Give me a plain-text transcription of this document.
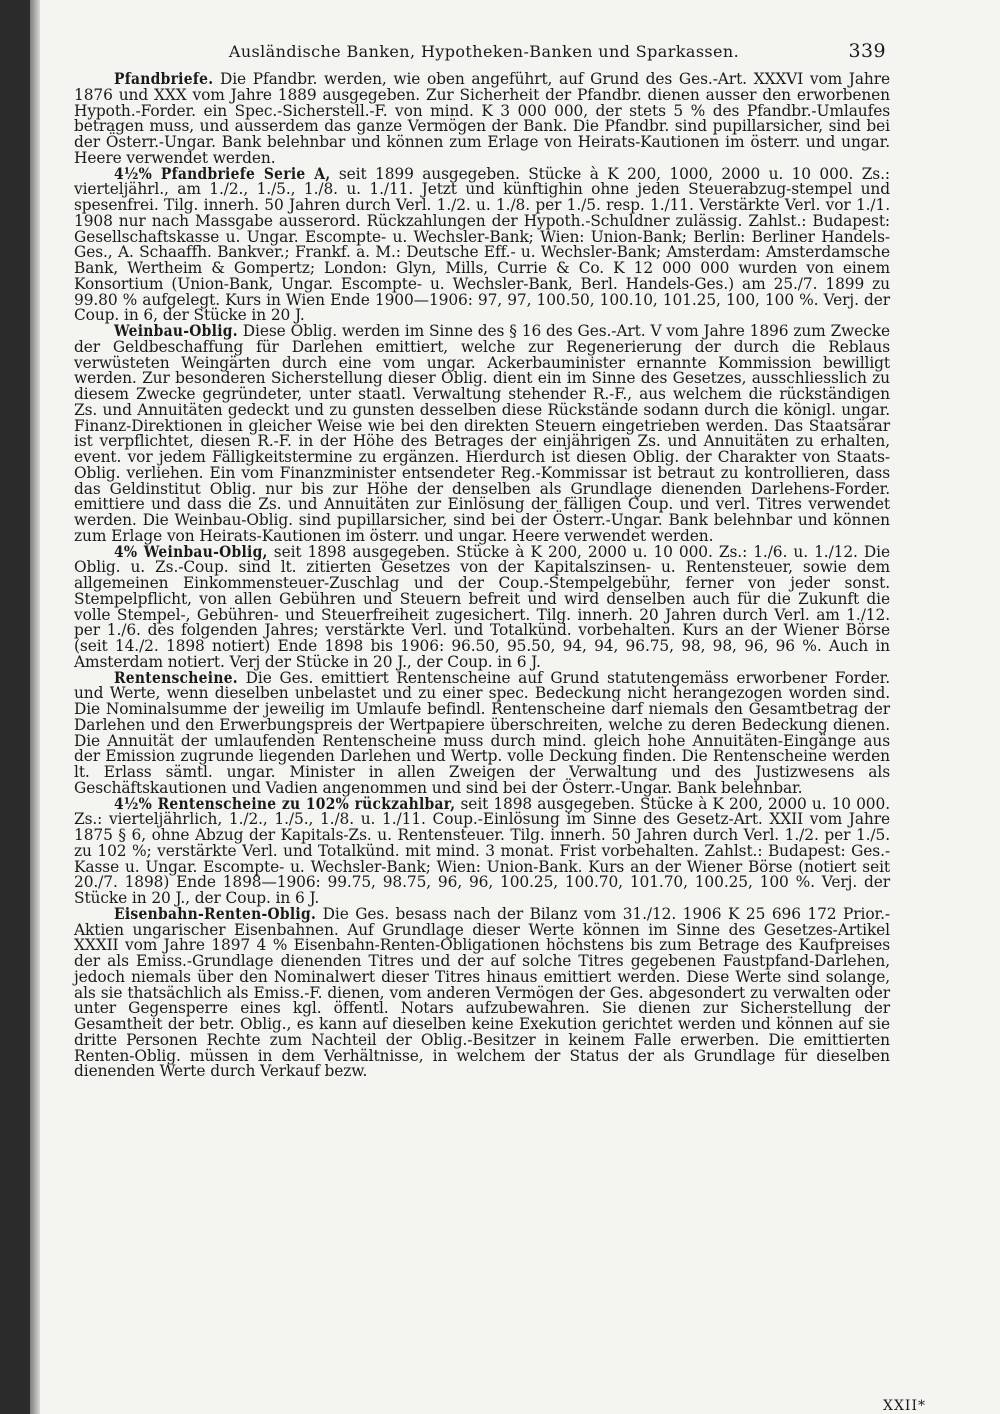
Ausländische Banken, Hypotheken-Banken und Sparkassen.	339

Pfandbriefe. Die Pfandbr. werden, wie oben angeführt, auf Grund des Ges.-Art. XXXVI vom Jahre 1876 und XXX vom Jahre 1889 ausgegeben. Zur Sicherheit der Pfandbr. dienen ausser den erworbenen Hypoth.-Forder. ein Spec.-Sicherstell.-F. von mind. K 3 000 000, der stets 5 % des Pfandbr.-Umlaufes betragen muss, und ausserdem das ganze Vermögen der Bank. Die Pfandbr. sind pupillarsicher, sind bei der Österr.-Ungar. Bank belehnbar und können zum Erlage von Heirats-Kautionen im österr. und ungar. Heere verwendet werden.

4½% Pfandbriefe Serie A, seit 1899 ausgegeben. Stücke à K 200, 1000, 2000 u. 10 000. Zs.: vierteljährl., am 1./2., 1./5., 1./8. u. 1./11. Jetzt und künftighin ohne jeden Steuerabzug-stempel und spesenfrei. Tilg. innerh. 50 Jahren durch Verl. 1./2. u. 1./8. per 1./5. resp. 1./11. Verstärkte Verl. vor 1./1. 1908 nur nach Massgabe ausserord. Rückzahlungen der Hypoth.-Schuldner zulässig. Zahlst.: Budapest: Gesellschaftskasse u. Ungar. Escompte- u. Wechsler-Bank; Wien: Union-Bank; Berlin: Berliner Handels-Ges., A. Schaaffh. Bankver.; Frankf. a. M.: Deutsche Eff.- u. Wechsler-Bank; Amsterdam: Amsterdamsche Bank, Wertheim & Gompertz; London: Glyn, Mills, Currie & Co. K 12 000 000 wurden von einem Konsortium (Union-Bank, Ungar. Escompte- u. Wechsler-Bank, Berl. Handels-Ges.) am 25./7. 1899 zu 99.80 % aufgelegt. Kurs in Wien Ende 1900—1906: 97, 97, 100.50, 100.10, 101.25, 100, 100 %. Verj. der Coup. in 6, der Stücke in 20 J.

Weinbau-Oblig. Diese Oblig. werden im Sinne des § 16 des Ges.-Art. V vom Jahre 1896 zum Zwecke der Geldbeschaffung für Darlehen emittiert, welche zur Regenerierung der durch die Reblaus verwüsteten Weingärten durch eine vom ungar. Ackerbauminister ernannte Kommission bewilligt werden. Zur besonderen Sicherstellung dieser Oblig. dient ein im Sinne des Gesetzes, ausschliesslich zu diesem Zwecke gegründeter, unter staatl. Verwaltung stehender R.-F., aus welchem die rückständigen Zs. und Annuitäten gedeckt und zu gunsten desselben diese Rückstände sodann durch die königl. ungar. Finanz-Direktionen in gleicher Weise wie bei den direkten Steuern eingetrieben werden. Das Staatsärar ist verpflichtet, diesen R.-F. in der Höhe des Betrages der einjährigen Zs. und Annuitäten zu erhalten, event. vor jedem Fälligkeitstermine zu ergänzen. Hierdurch ist diesen Oblig. der Charakter von Staats-Oblig. verliehen. Ein vom Finanzminister entsendeter Reg.-Kommissar ist betraut zu kontrollieren, dass das Geldinstitut Oblig. nur bis zur Höhe der denselben als Grundlage dienenden Darlehens-Forder. emittiere und dass die Zs. und Annuitäten zur Einlösung der fälligen Coup. und verl. Titres verwendet werden. Die Weinbau-Oblig. sind pupillarsicher, sind bei der Österr.-Ungar. Bank belehnbar und können zum Erlage von Heirats-Kautionen im österr. und ungar. Heere verwendet werden.

4% Weinbau-Oblig, seit 1898 ausgegeben. Stücke à K 200, 2000 u. 10 000. Zs.: 1./6. u. 1./12. Die Oblig. u. Zs.-Coup. sind lt. zitierten Gesetzes von der Kapitalszinsen- u. Rentensteuer, sowie dem allgemeinen Einkommensteuer-Zuschlag und der Coup.-Stempelgebühr, ferner von jeder sonst. Stempelpflicht, von allen Gebühren und Steuern befreit und wird denselben auch für die Zukunft die volle Stempel-, Gebühren- und Steuerfreiheit zugesichert. Tilg. innerh. 20 Jahren durch Verl. am 1./12. per 1./6. des folgenden Jahres; verstärkte Verl. und Totalkünd. vorbehalten. Kurs an der Wiener Börse (seit 14./2. 1898 notiert) Ende 1898 bis 1906: 96.50, 95.50, 94, 94, 96.75, 98, 98, 96, 96 %. Auch in Amsterdam notiert. Verj der Stücke in 20 J., der Coup. in 6 J.

Rentenscheine. Die Ges. emittiert Rentenscheine auf Grund statutengemäss erworbener Forder. und Werte, wenn dieselben unbelastet und zu einer spec. Bedeckung nicht herangezogen worden sind. Die Nominalsumme der jeweilig im Umlaufe befindl. Rentenscheine darf niemals den Gesamtbetrag der Darlehen und den Erwerbungspreis der Wertpapiere überschreiten, welche zu deren Bedeckung dienen. Die Annuität der umlaufenden Rentenscheine muss durch mind. gleich hohe Annuitäten-Eingänge aus der Emission zugrunde liegenden Darlehen und Wertp. volle Deckung finden. Die Rentenscheine werden lt. Erlass sämtl. ungar. Minister in allen Zweigen der Verwaltung und des Justizwesens als Geschäftskautionen und Vadien angenommen und sind bei der Österr.-Ungar. Bank belehnbar.

4½% Rentenscheine zu 102% rückzahlbar, seit 1898 ausgegeben. Stücke à K 200, 2000 u. 10 000. Zs.: vierteljährlich, 1./2., 1./5., 1./8. u. 1./11. Coup.-Einlösung im Sinne des Gesetz-Art. XXII vom Jahre 1875 § 6, ohne Abzug der Kapitals-Zs. u. Rentensteuer. Tilg. innerh. 50 Jahren durch Verl. 1./2. per 1./5. zu 102 %; verstärkte Verl. und Totalkünd. mit mind. 3 monat. Frist vorbehalten. Zahlst.: Budapest: Ges.-Kasse u. Ungar. Escompte- u. Wechsler-Bank; Wien: Union-Bank. Kurs an der Wiener Börse (notiert seit 20./7. 1898) Ende 1898—1906: 99.75, 98.75, 96, 96, 100.25, 100.70, 101.70, 100.25, 100 %. Verj. der Stücke in 20 J., der Coup. in 6 J.

Eisenbahn-Renten-Oblig. Die Ges. besass nach der Bilanz vom 31./12. 1906 K 25 696 172 Prior.-Aktien ungarischer Eisenbahnen. Auf Grundlage dieser Werte können im Sinne des Gesetzes-Artikel XXXII vom Jahre 1897 4 % Eisenbahn-Renten-Obligationen höchstens bis zum Betrage des Kaufpreises der als Emiss.-Grundlage dienenden Titres und der auf solche Titres gegebenen Faustpfand-Darlehen, jedoch niemals über den Nominalwert dieser Titres hinaus emittiert werden. Diese Werte sind solange, als sie thatsächlich als Emiss.-F. dienen, vom anderen Vermögen der Ges. abgesondert zu verwalten oder unter Gegensperre eines kgl. öffentl. Notars aufzubewahren. Sie dienen zur Sicherstellung der Gesamtheit der betr. Oblig., es kann auf dieselben keine Exekution gerichtet werden und können auf sie dritte Personen Rechte zum Nachteil der Oblig.-Besitzer in keinem Falle erwerben. Die emittierten Renten-Oblig. müssen in dem Verhältnisse, in welchem der Status der als Grundlage für dieselben dienenden Werte durch Verkauf bezw.

XXII*
